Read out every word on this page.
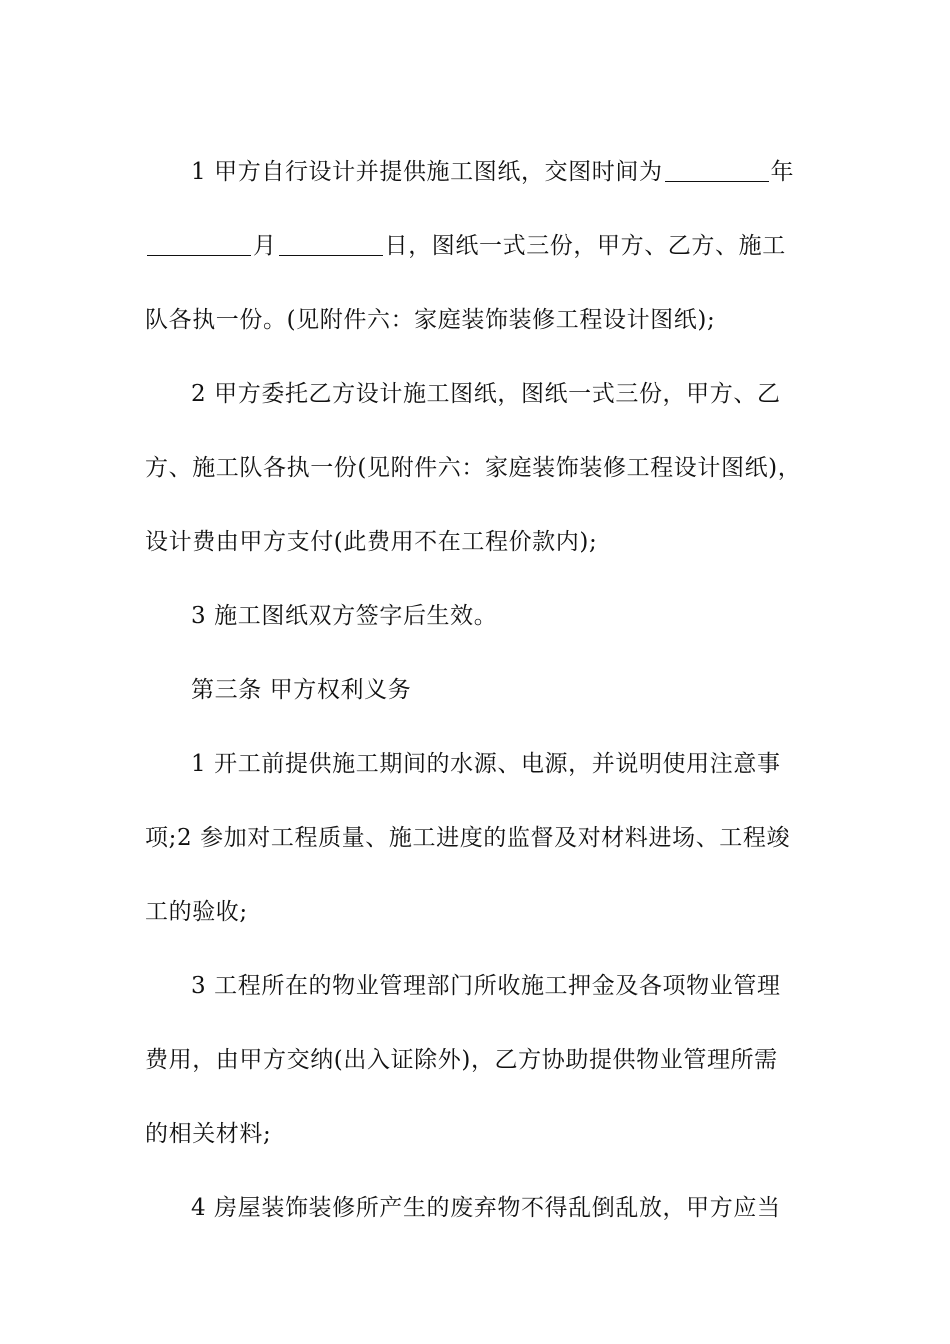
1 甲方自行设计并提供施工图纸，交图时间为	年
月	日，图纸一式三份，甲方、乙方、施工
队各执一份。(见附件六：家庭装饰装修工程设计图纸);
2 甲方委托乙方设计施工图纸，图纸一式三份，甲方、乙
方、施工队各执一份(见附件六：家庭装饰装修工程设计图纸)，
设计费由甲方支付(此费用不在工程价款内);
3 施工图纸双方签字后生效。
第三条 甲方权利义务
1 开工前提供施工期间的水源、电源，并说明使用注意事
项;2 参加对工程质量、施工进度的监督及对材料进场、工程竣
工的验收;
3 工程所在的物业管理部门所收施工押金及各项物业管理
费用，由甲方交纳(出入证除外)，乙方协助提供物业管理所需
的相关材料;
4 房屋装饰装修所产生的废弃物不得乱倒乱放，甲方应当
